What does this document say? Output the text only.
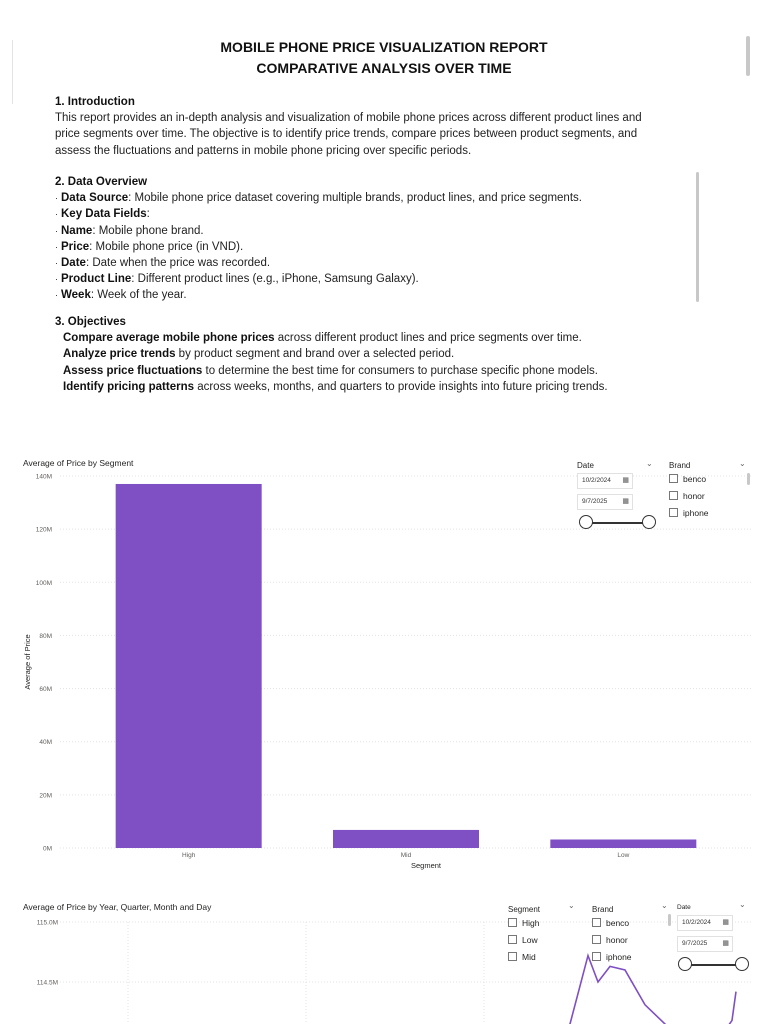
MOBILE PHONE PRICE VISUALIZATION REPORT
COMPARATIVE ANALYSIS OVER TIME
1. Introduction
This report provides an in-depth analysis and visualization of mobile phone prices across different product lines and
price segments over time. The objective is to identify price trends, compare prices between product segments, and
assess the fluctuations and patterns in mobile phone pricing over specific periods.
2. Data Overview
· Data Source: Mobile phone price dataset covering multiple brands, product lines, and price segments.
· Key Data Fields:
· Name: Mobile phone brand.
· Price: Mobile phone price (in VND).
· Date: Date when the price was recorded.
· Product Line: Different product lines (e.g., iPhone, Samsung Galaxy).
· Week: Week of the year.
3. Objectives
Compare average mobile phone prices across different product lines and price segments over time.
Analyze price trends by product segment and brand over a selected period.
Assess price fluctuations to determine the best time for consumers to purchase specific phone models.
Identify pricing patterns across weeks, months, and quarters to provide insights into future pricing trends.
Average of Price by Segment
0M
20M
40M
60M
80M
100M
120M
140M
High	Mid	Low
Segment
Average of Price
Date	⌄
10/2/2024 ▦
9/7/2025 ▦
Brand	⌄
benco
honor
iphone
Average of Price by Year, Quarter, Month and Day
115.0M
114.5M
Segment	⌄
High
Low
Mid
Brand	⌄
benco
honor
iphone
Date	⌄
10/2/2024 ▦
9/7/2025 ▦
